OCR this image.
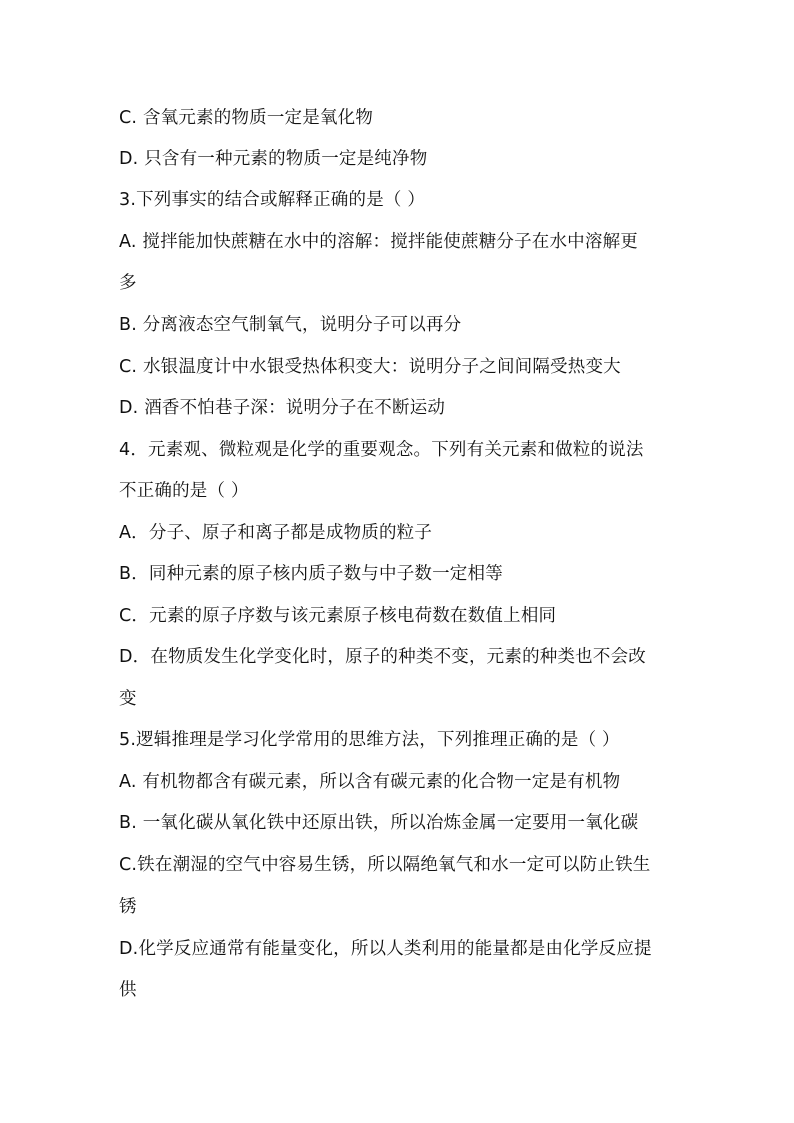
C. 含氧元素的物质一定是氧化物
D. 只含有一种元素的物质一定是纯净物
3.下列事实的结合或解释正确的是（ ）
A. 搅拌能加快蔗糖在水中的溶解：搅拌能使蔗糖分子在水中溶解更
多
B. 分离液态空气制氧气，说明分子可以再分
C. 水银温度计中水银受热体积变大：说明分子之间间隔受热变大
D. 酒香不怕巷子深：说明分子在不断运动
4．元素观、微粒观是化学的重要观念。下列有关元素和做粒的说法
不正确的是（ ）
A．分子、原子和离子都是成物质的粒子
B．同种元素的原子核内质子数与中子数一定相等
C．元素的原子序数与该元素原子核电荷数在数值上相同
D．在物质发生化学变化时，原子的种类不变，元素的种类也不会改
变
5.逻辑推理是学习化学常用的思维方法，下列推理正确的是（ ）
A. 有机物都含有碳元素，所以含有碳元素的化合物一定是有机物
B. 一氧化碳从氧化铁中还原出铁，所以冶炼金属一定要用一氧化碳
C.铁在潮湿的空气中容易生锈，所以隔绝氧气和水一定可以防止铁生
锈
D.化学反应通常有能量变化，所以人类利用的能量都是由化学反应提
供
